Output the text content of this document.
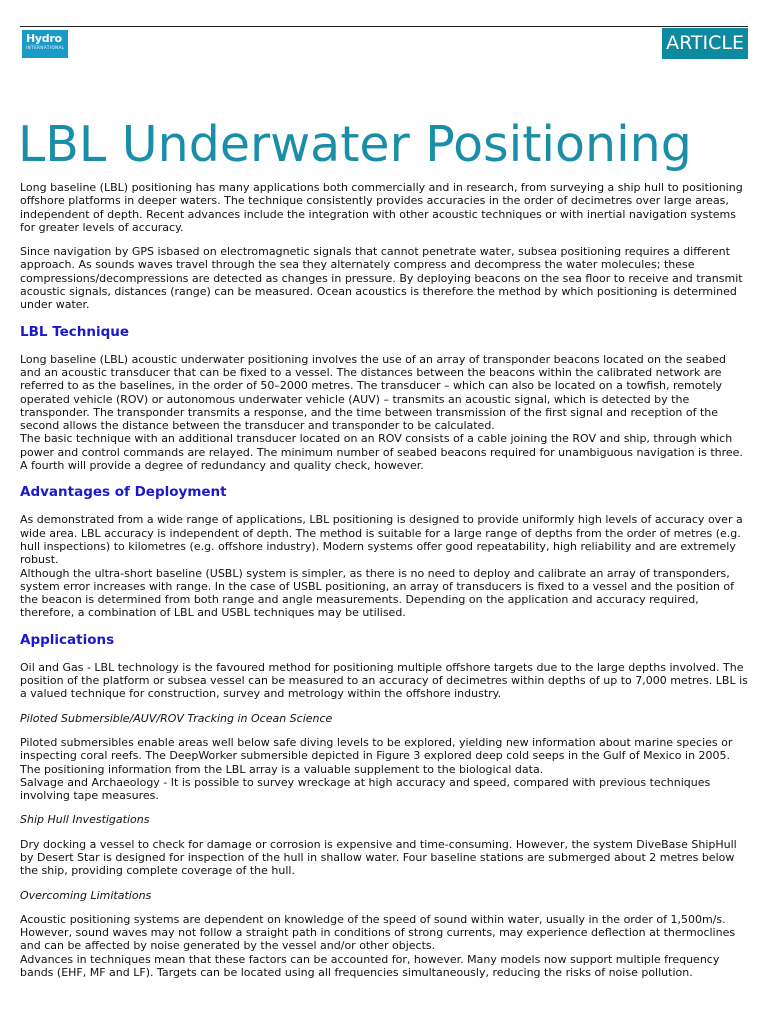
Hydro
INTERNATIONAL	ARTICLE
LBL Underwater Positioning

Long baseline (LBL) positioning has many applications both commercially and in research, from surveying a ship hull to positioning offshore platforms in deeper waters. The technique consistently provides accuracies in the order of decimetres over large areas, independent of depth. Recent advances include the integration with other acoustic techniques or with inertial navigation systems for greater levels of accuracy.

Since navigation by GPS isbased on electromagnetic signals that cannot penetrate water, subsea positioning requires a different approach. As sounds waves travel through the sea they alternately compress and decompress the water molecules; these compressions/decompressions are detected as changes in pressure. By deploying beacons on the sea floor to receive and transmit acoustic signals, distances (range) can be measured. Ocean acoustics is therefore the method by which positioning is determined under water.

LBL Technique

Long baseline (LBL) acoustic underwater positioning involves the use of an array of transponder beacons located on the seabed and an acoustic transducer that can be fixed to a vessel. The distances between the beacons within the calibrated network are referred to as the baselines, in the order of 50–2000 metres. The transducer – which can also be located on a towfish, remotely operated vehicle (ROV) or autonomous underwater vehicle (AUV) – transmits an acoustic signal, which is detected by the transponder. The transponder transmits a response, and the time between transmission of the first signal and reception of the second allows the distance between the transducer and transponder to be calculated.
The basic technique with an additional transducer located on an ROV consists of a cable joining the ROV and ship, through which power and control commands are relayed. The minimum number of seabed beacons required for unambiguous navigation is three. A fourth will provide a degree of redundancy and quality check, however.

Advantages of Deployment

As demonstrated from a wide range of applications, LBL positioning is designed to provide uniformly high levels of accuracy over a wide area. LBL accuracy is independent of depth. The method is suitable for a large range of depths from the order of metres (e.g. hull inspections) to kilometres (e.g. offshore industry). Modern systems offer good repeatability, high reliability and are extremely robust.
Although the ultra-short baseline (USBL) system is simpler, as there is no need to deploy and calibrate an array of transponders, system error increases with range. In the case of USBL positioning, an array of transducers is fixed to a vessel and the position of the beacon is determined from both range and angle measurements. Depending on the application and accuracy required, therefore, a combination of LBL and USBL techniques may be utilised.

Applications

Oil and Gas - LBL technology is the favoured method for positioning multiple offshore targets due to the large depths involved. The position of the platform or subsea vessel can be measured to an accuracy of decimetres within depths of up to 7,000 metres. LBL is a valued technique for construction, survey and metrology within the offshore industry.

Piloted Submersible/AUV/ROV Tracking in Ocean Science

Piloted submersibles enable areas well below safe diving levels to be explored, yielding new information about marine species or inspecting coral reefs. The DeepWorker submersible depicted in Figure 3 explored deep cold seeps in the Gulf of Mexico in 2005. The positioning information from the LBL array is a valuable supplement to the biological data.
Salvage and Archaeology - It is possible to survey wreckage at high accuracy and speed, compared with previous techniques involving tape measures.

Ship Hull Investigations

Dry docking a vessel to check for damage or corrosion is expensive and time-consuming. However, the system DiveBase ShipHull by Desert Star is designed for inspection of the hull in shallow water. Four baseline stations are submerged about 2 metres below the ship, providing complete coverage of the hull.

Overcoming Limitations

Acoustic positioning systems are dependent on knowledge of the speed of sound within water, usually in the order of 1,500m/s. However, sound waves may not follow a straight path in conditions of strong currents, may experience deflection at thermoclines and can be affected by noise generated by the vessel and/or other objects.
Advances in techniques mean that these factors can be accounted for, however. Many models now support multiple frequency bands (EHF, MF and LF). Targets can be located using all frequencies simultaneously, reducing the risks of noise pollution.
